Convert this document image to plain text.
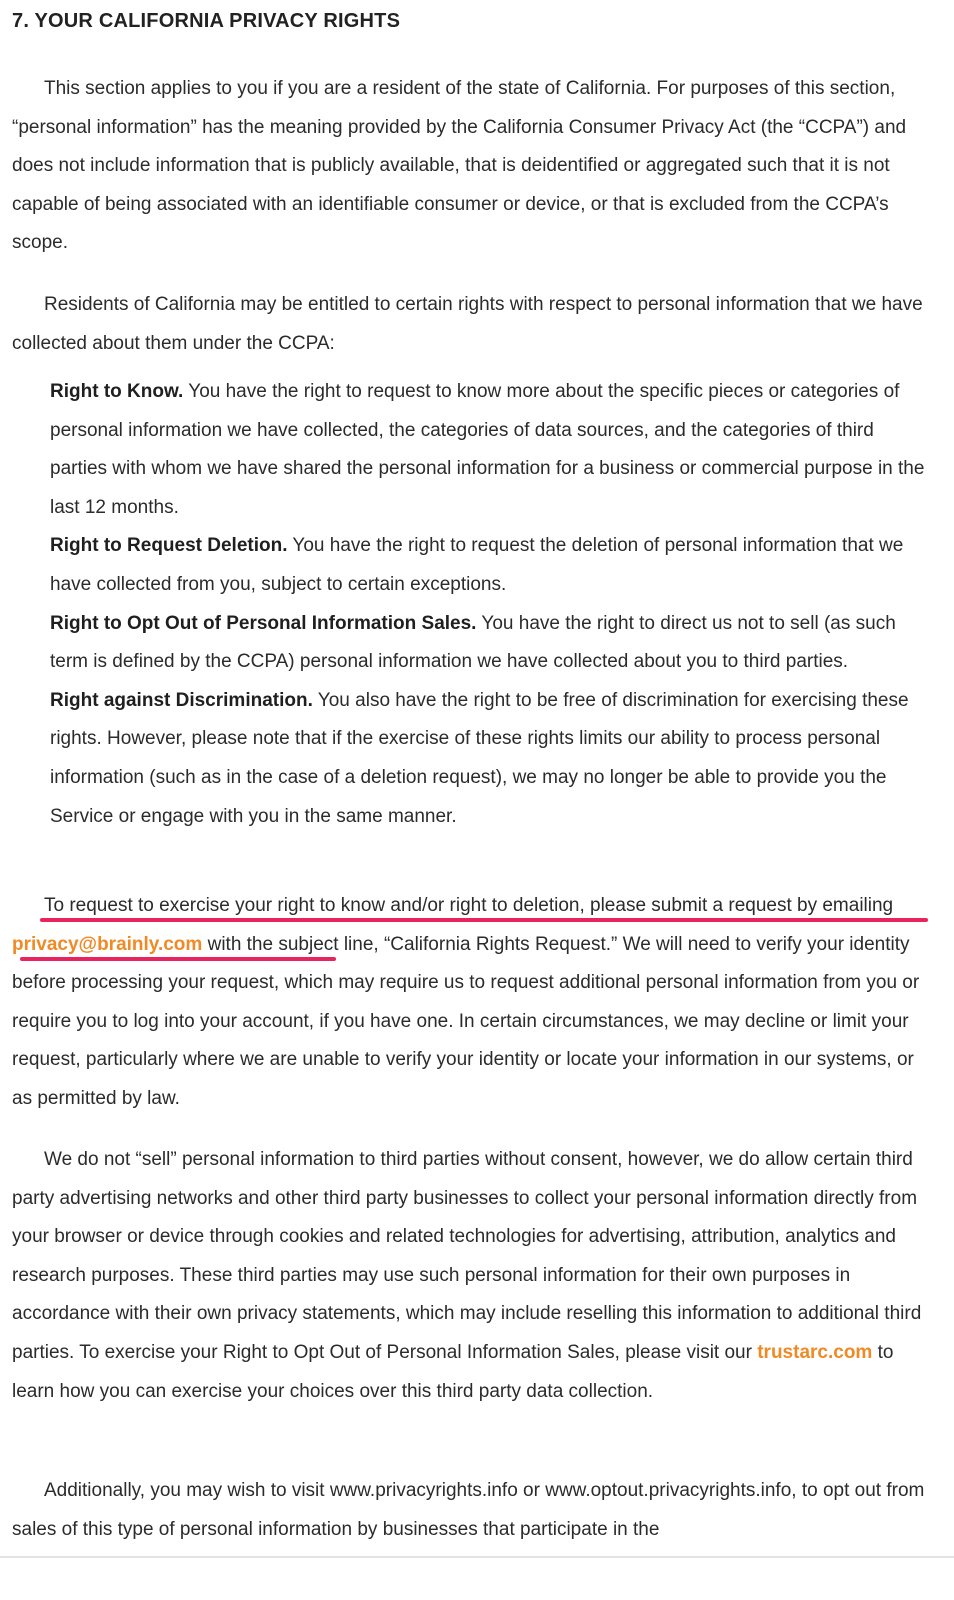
7. YOUR CALIFORNIA PRIVACY RIGHTS

This section applies to you if you are a resident of the state of California. For purposes of this section, “personal information” has the meaning provided by the California Consumer Privacy Act (the “CCPA”) and does not include information that is publicly available, that is deidentified or aggregated such that it is not capable of being associated with an identifiable consumer or device, or that is excluded from the CCPA’s scope.

Residents of California may be entitled to certain rights with respect to personal information that we have collected about them under the CCPA:

Right to Know. You have the right to request to know more about the specific pieces or categories of personal information we have collected, the categories of data sources, and the categories of third parties with whom we have shared the personal information for a business or commercial purpose in the last 12 months.
Right to Request Deletion. You have the right to request the deletion of personal information that we have collected from you, subject to certain exceptions.
Right to Opt Out of Personal Information Sales. You have the right to direct us not to sell (as such term is defined by the CCPA) personal information we have collected about you to third parties.
Right against Discrimination. You also have the right to be free of discrimination for exercising these rights. However, please note that if the exercise of these rights limits our ability to process personal information (such as in the case of a deletion request), we may no longer be able to provide you the Service or engage with you in the same manner.

To request to exercise your right to know and/or right to deletion, please submit a request by emailing privacy@brainly.com with the subject line, “California Rights Request.” We will need to verify your identity before processing your request, which may require us to request additional personal information from you or require you to log into your account, if you have one. In certain circumstances, we may decline or limit your request, particularly where we are unable to verify your identity or locate your information in our systems, or as permitted by law.

We do not “sell” personal information to third parties without consent, however, we do allow certain third party advertising networks and other third party businesses to collect your personal information directly from your browser or device through cookies and related technologies for advertising, attribution, analytics and research purposes. These third parties may use such personal information for their own purposes in accordance with their own privacy statements, which may include reselling this information to additional third parties. To exercise your Right to Opt Out of Personal Information Sales, please visit our trustarc.com to learn how you can exercise your choices over this third party data collection.

Additionally, you may wish to visit www.privacyrights.info or www.optout.privacyrights.info, to opt out from sales of this type of personal information by businesses that participate in the
